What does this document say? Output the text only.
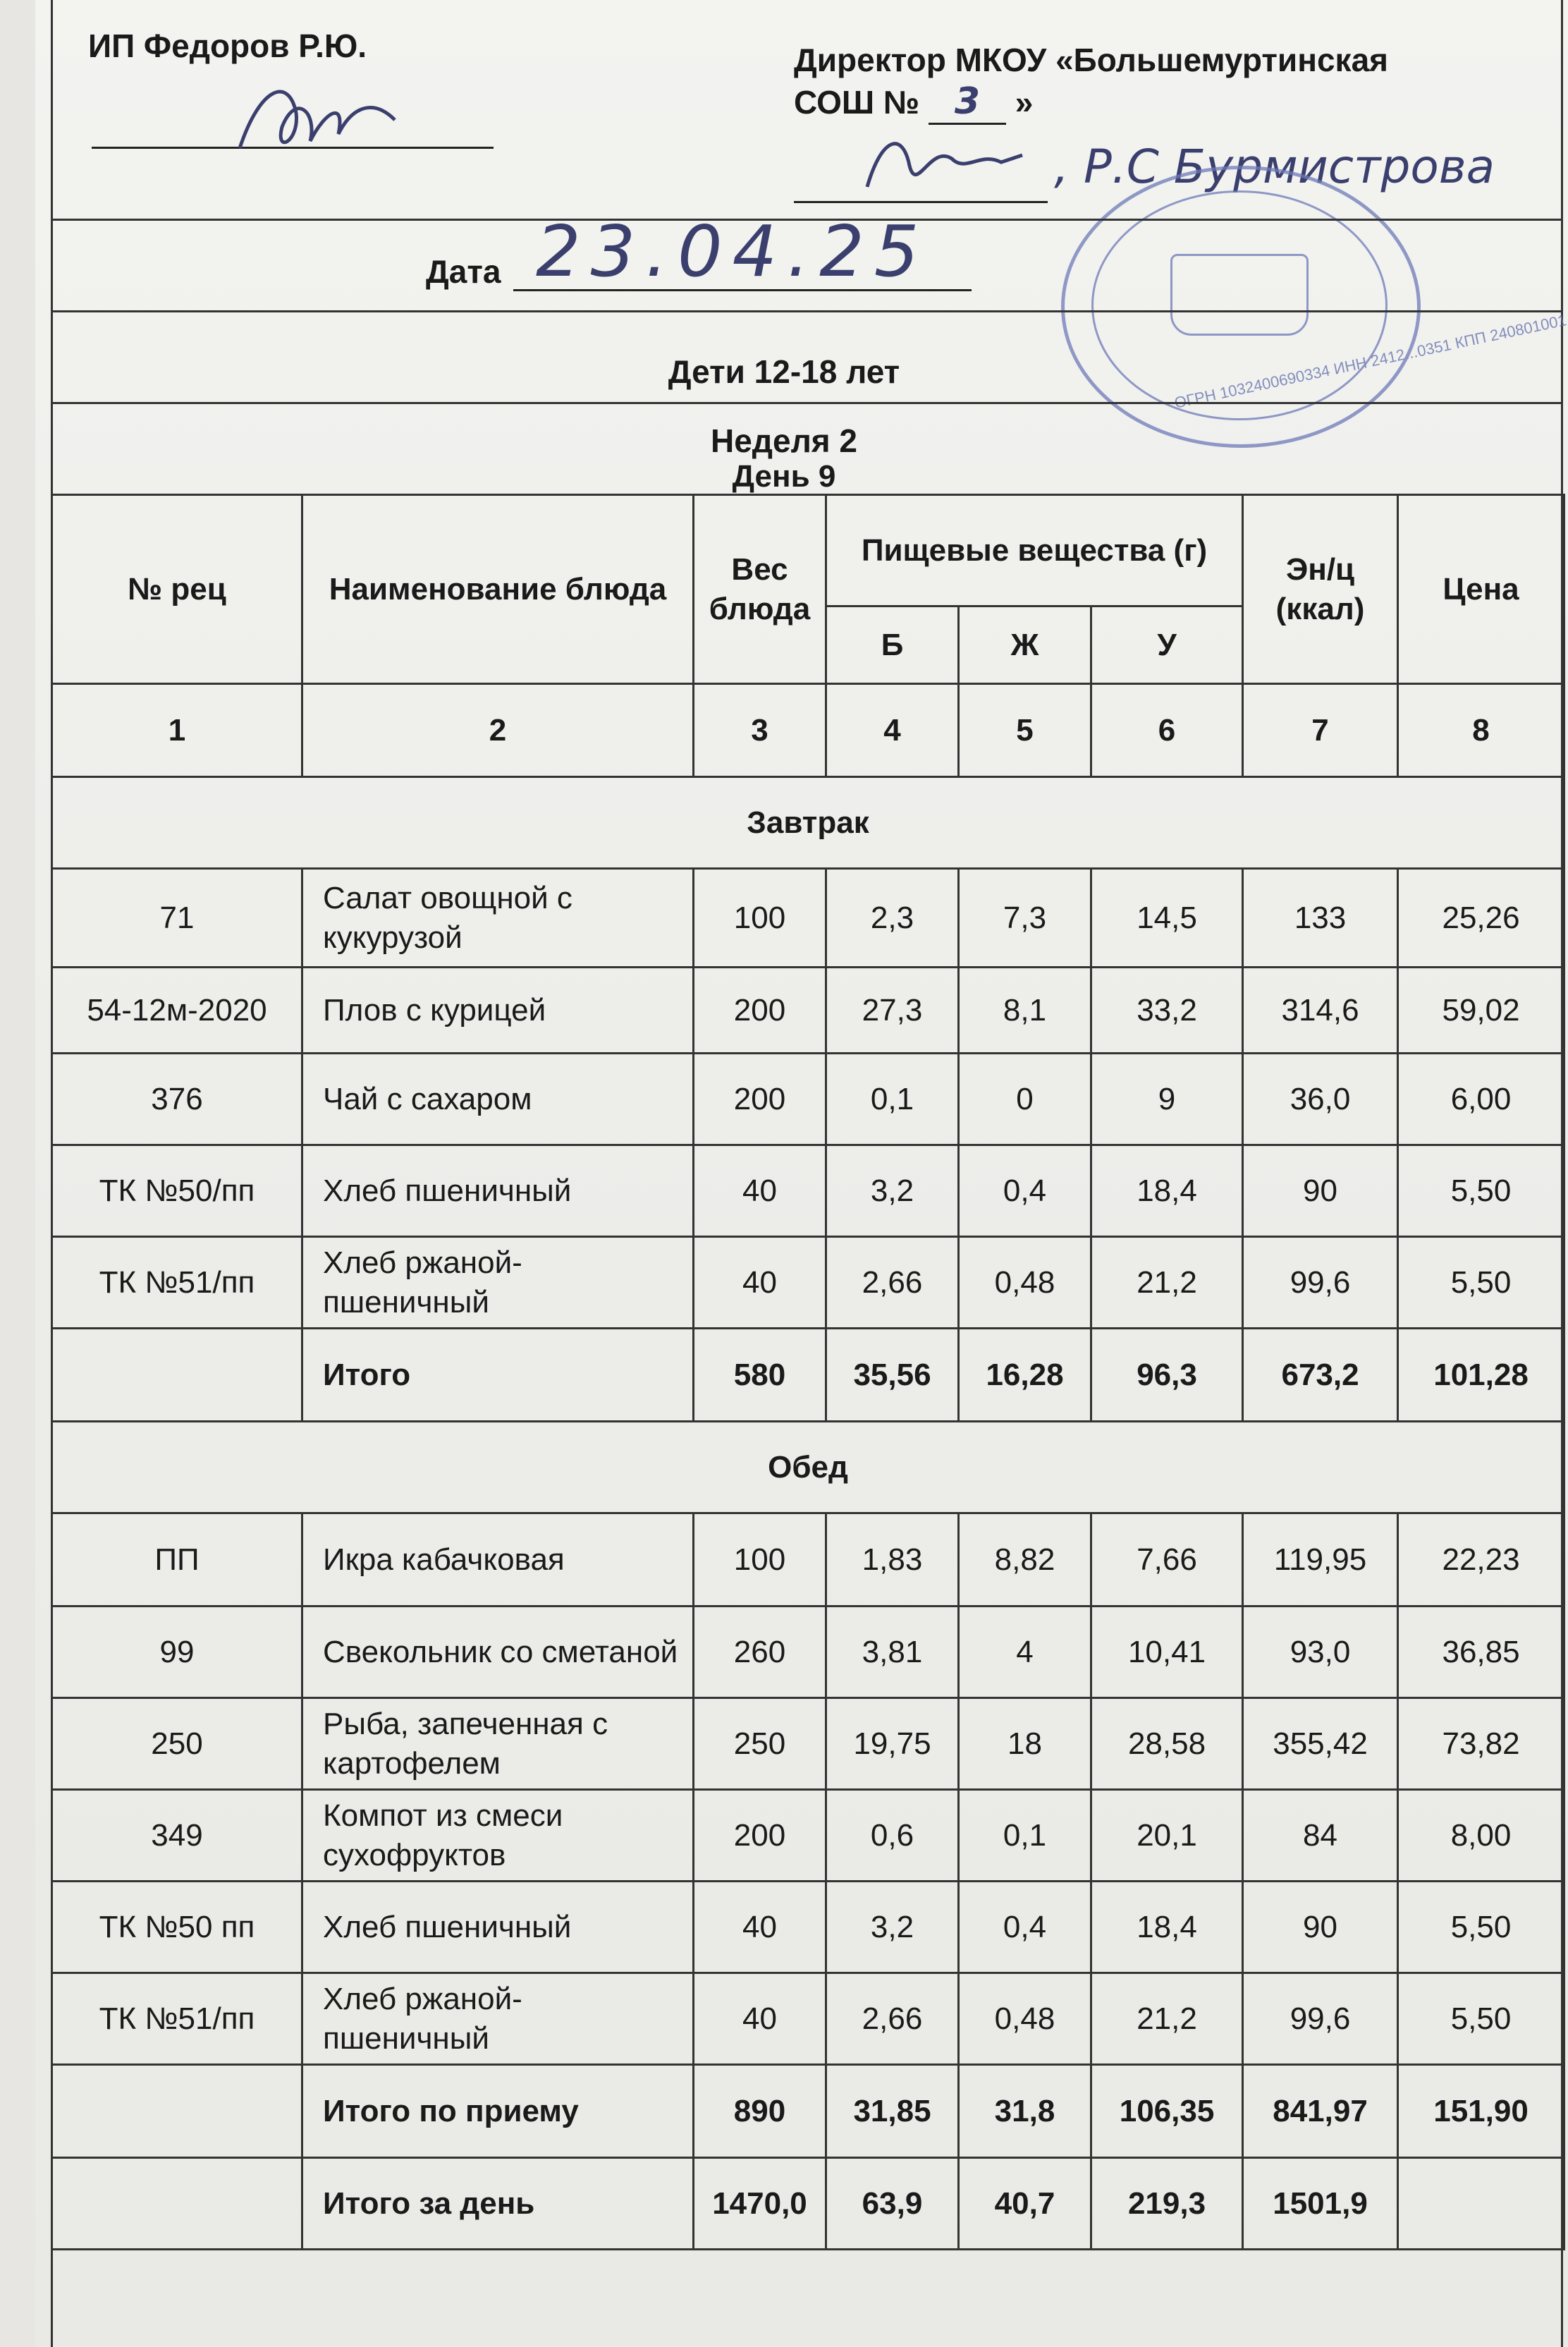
ИП Федоров Р.Ю.	Директор МКОУ «Большемуртинская
СОШ № 3 »
, Р.С Бурмистрова
ОГРН 1032400690334 ИНН 2412...0351 КПП 240801001
Дата 23.04.25
Дети 12-18 лет
Неделя 2
День 9
№ рец	Наименование блюда	Вес блюда	Пищевые вещества (г)			Эн/ц (ккал)	Цена
			Б	Ж	У		
1	2	3	4	5	6	7	8
Завтрак							
71	Салат овощной с кукурузой	100	2,3	7,3	14,5	133	25,26
54-12м-2020	Плов с курицей	200	27,3	8,1	33,2	314,6	59,02
376	Чай с сахаром	200	0,1	0	9	36,0	6,00
ТК №50/пп	Хлеб пшеничный	40	3,2	0,4	18,4	90	5,50
ТК №51/пп	Хлеб ржаной-пшеничный	40	2,66	0,48	21,2	99,6	5,50
	Итого	580	35,56	16,28	96,3	673,2	101,28
Обед							
ПП	Икра кабачковая	100	1,83	8,82	7,66	119,95	22,23
99	Свекольник со сметаной	260	3,81	4	10,41	93,0	36,85
250	Рыба, запеченная с картофелем	250	19,75	18	28,58	355,42	73,82
349	Компот из смеси сухофруктов	200	0,6	0,1	20,1	84	8,00
ТК №50 пп	Хлеб пшеничный	40	3,2	0,4	18,4	90	5,50
ТК №51/пп	Хлеб ржаной-пшеничный	40	2,66	0,48	21,2	99,6	5,50
	Итого по приему	890	31,85	31,8	106,35	841,97	151,90
	Итого за день	1470,0	63,9	40,7	219,3	1501,9	
